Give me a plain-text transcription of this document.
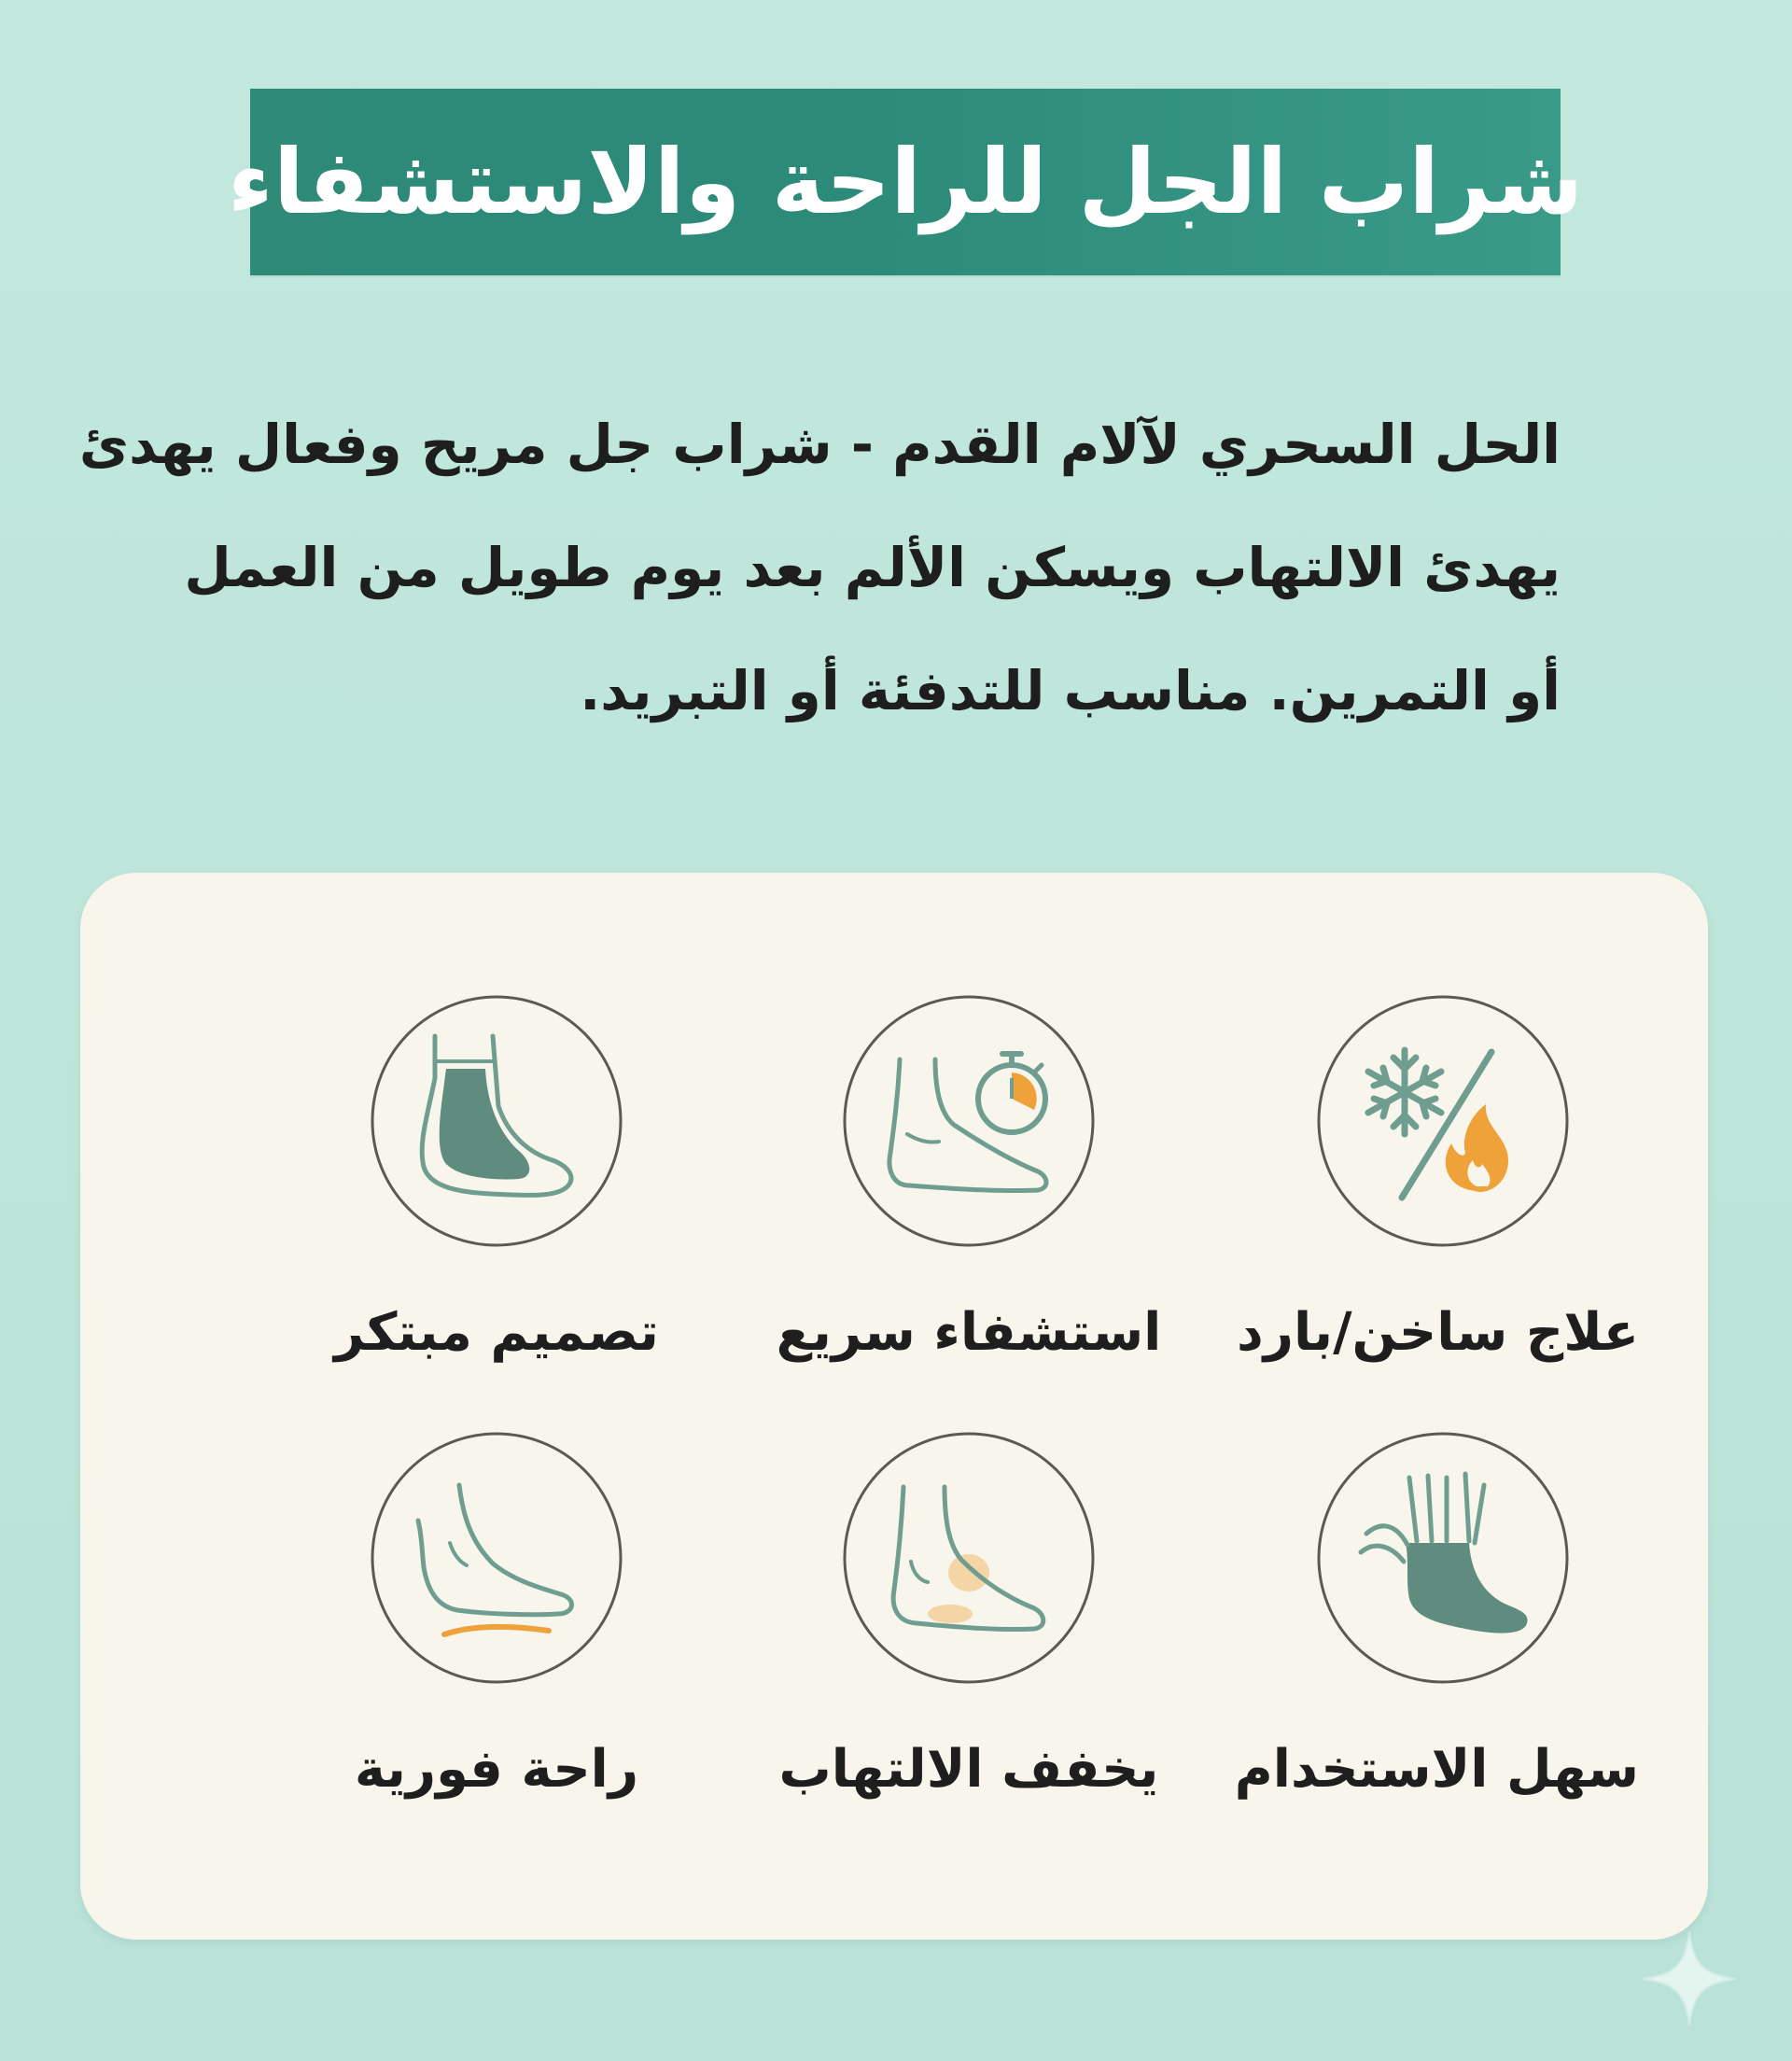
شراب الجل للراحة والاستشفاء
الحل السحري لآلام القدم - شراب جل مريح وفعال يهدئ
يهدئ الالتهاب ويسكن الألم بعد يوم طويل من العمل
أو التمرين. مناسب للتدفئة أو التبريد.
علاج ساخن/بارد
استشفاء سريع
تصميم مبتكر
سهل الاستخدام
يخفف الالتهاب
راحة فورية
